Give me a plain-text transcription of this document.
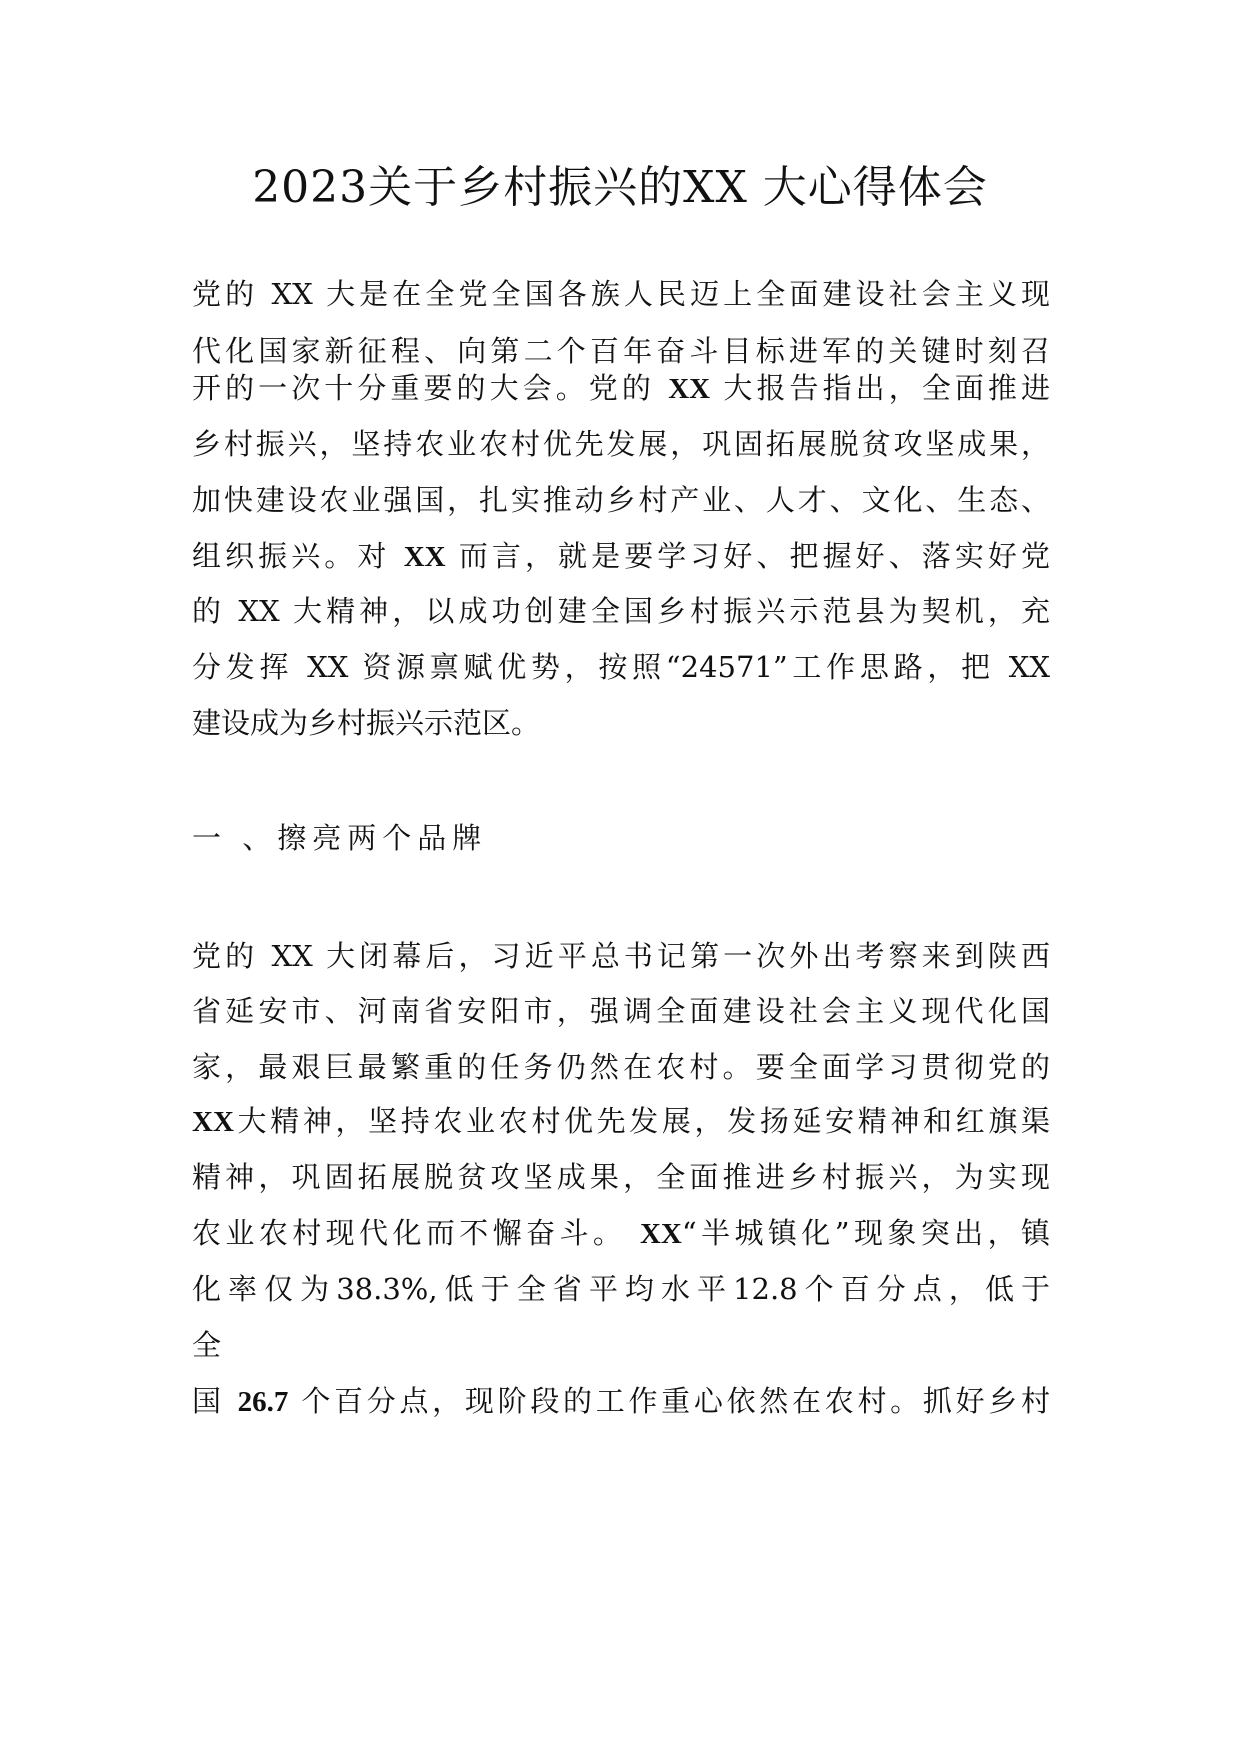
2023关于乡村振兴的XX 大心得体会

党的 XX 大是在全党全国各族人民迈上全面建设社会主义现

代化国家新征程、向第二个百年奋斗目标进军的关键时刻召

开的一次十分重要的大会。党的 XX 大报告指出，全面推进

乡村振兴，坚持农业农村优先发展，巩固拓展脱贫攻坚成果，

加快建设农业强国，扎实推动乡村产业、人才、文化、生态、

组织振兴。对 XX 而言，就是要学习好、把握好、落实好党

的 XX 大精神，以成功创建全国乡村振兴示范县为契机，充

分发挥 XX 资源禀赋优势，按照“24571”工作思路，把 XX

建设成为乡村振兴示范区。

一 、擦亮两个品牌

党的 XX 大闭幕后，习近平总书记第一次外出考察来到陕西

省延安市、河南省安阳市，强调全面建设社会主义现代化国

家，最艰巨最繁重的任务仍然在农村。要全面学习贯彻党的

XX大精神，坚持农业农村优先发展，发扬延安精神和红旗渠

精神，巩固拓展脱贫攻坚成果，全面推进乡村振兴，为实现

农业农村现代化而不懈奋斗。 XX“半城镇化”现象突出，镇

化率仅为38.3%,低于全省平均水平12.8个百分点，低于

全

国 26.7 个百分点，现阶段的工作重心依然在农村。抓好乡村
